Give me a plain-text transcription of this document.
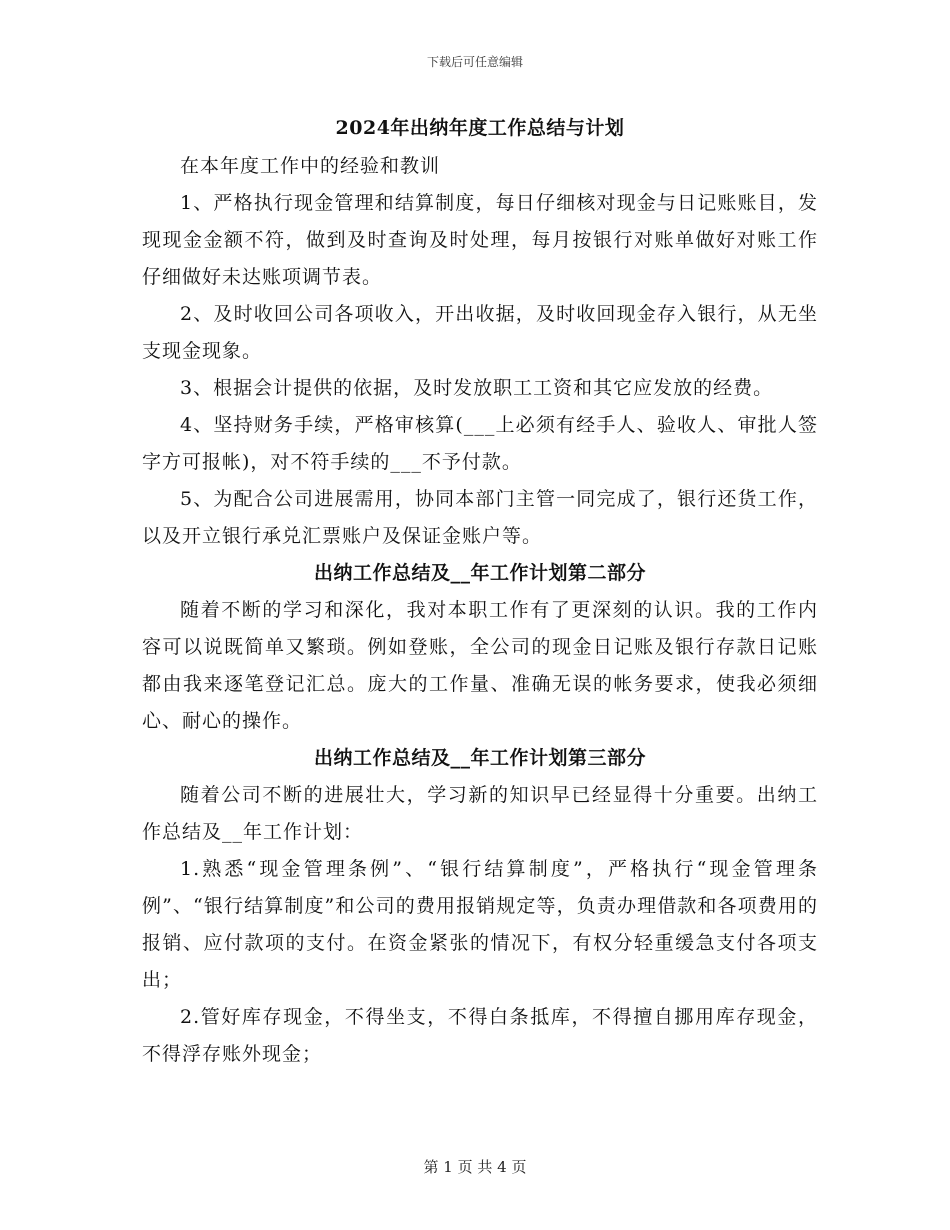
下载后可任意编辑
2024年出纳年度工作总结与计划

在本年度工作中的经验和教训

1、严格执行现金管理和结算制度，每日仔细核对现金与日记账账目，发现现金金额不符，做到及时查询及时处理，每月按银行对账单做好对账工作仔细做好未达账项调节表。

2、及时收回公司各项收入，开出收据，及时收回现金存入银行，从无坐支现金现象。

3、根据会计提供的依据，及时发放职工工资和其它应发放的经费。

4、坚持财务手续，严格审核算(___上必须有经手人、验收人、审批人签字方可报帐)，对不符手续的___不予付款。

5、为配合公司进展需用，协同本部门主管一同完成了，银行还货工作，以及开立银行承兑汇票账户及保证金账户等。

出纳工作总结及__年工作计划第二部分

随着不断的学习和深化，我对本职工作有了更深刻的认识。我的工作内容可以说既简单又繁琐。例如登账，全公司的现金日记账及银行存款日记账都由我来逐笔登记汇总。庞大的工作量、准确无误的帐务要求，使我必须细心、耐心的操作。

出纳工作总结及__年工作计划第三部分

随着公司不断的进展壮大，学习新的知识早已经显得十分重要。出纳工作总结及__年工作计划：

1.熟悉“现金管理条例”、“银行结算制度”，严格执行“现金管理条例”、“银行结算制度”和公司的费用报销规定等，负责办理借款和各项费用的报销、应付款项的支付。在资金紧张的情况下，有权分轻重缓急支付各项支出；

2.管好库存现金，不得坐支，不得白条抵库，不得擅自挪用库存现金，不得浮存账外现金；

第 1 页 共 4 页
